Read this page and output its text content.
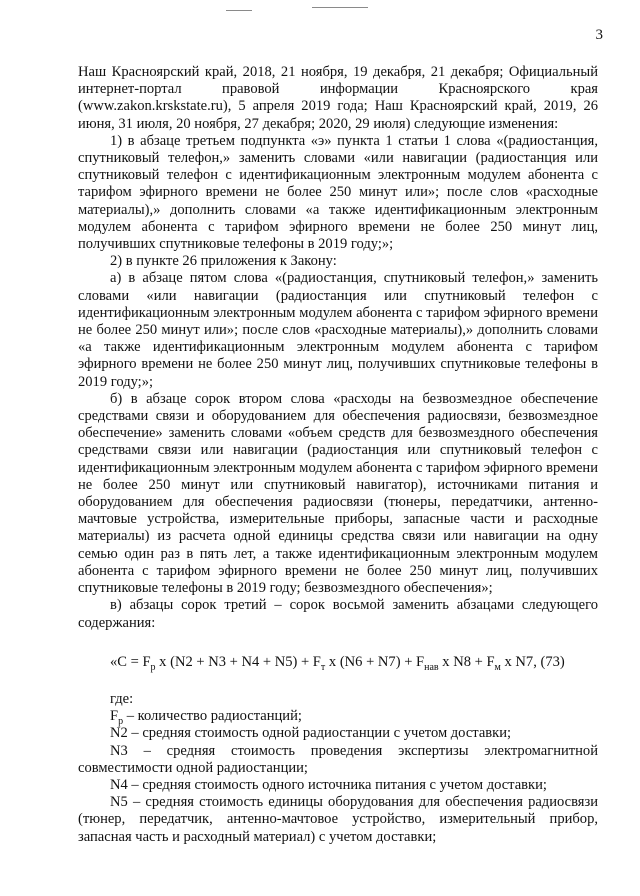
3

Наш Красноярский край, 2018, 21 ноября, 19 декабря, 21 декабря; Официальный интернет-портал правовой информации Красноярского края (www.zakon.krskstate.ru), 5 апреля 2019 года; Наш Красноярский край, 2019, 26 июня, 31 июля, 20 ноября, 27 декабря; 2020, 29 июля) следующие изменения:

1) в абзаце третьем подпункта «э» пункта 1 статьи 1 слова «(радиостанция, спутниковый телефон,» заменить словами «или навигации (радиостанция или спутниковый телефон с идентификационным электронным модулем абонента с тарифом эфирного времени не более 250 минут или»; после слов «расходные материалы),» дополнить словами «а также идентификационным электронным модулем абонента с тарифом эфирного времени не более 250 минут лиц, получивших спутниковые телефоны в 2019 году;»;

2) в пункте 26 приложения к Закону:

а) в абзаце пятом слова «(радиостанция, спутниковый телефон,» заменить словами «или навигации (радиостанция или спутниковый телефон с идентификационным электронным модулем абонента с тарифом эфирного времени не более 250 минут или»; после слов «расходные материалы),» дополнить словами «а также идентификационным электронным модулем абонента с тарифом эфирного времени не более 250 минут лиц, получивших спутниковые телефоны в 2019 году;»;

б) в абзаце сорок втором слова «расходы на безвозмездное обеспечение средствами связи и оборудованием для обеспечения радиосвязи, безвозмездное обеспечение» заменить словами «объем средств для безвозмездного обеспечения средствами связи или навигации (радиостанция или спутниковый телефон с идентификационным электронным модулем абонента с тарифом эфирного времени не более 250 минут или спутниковый навигатор), источниками питания и оборудованием для обеспечения радиосвязи (тюнеры, передатчики, антенно-мачтовые устройства, измерительные приборы, запасные части и расходные материалы) из расчета одной единицы средства связи или навигации на одну семью один раз в пять лет, а также идентификационным электронным модулем абонента с тарифом эфирного времени не более 250 минут лиц, получивших спутниковые телефоны в 2019 году; безвозмездного обеспечения»;

в) абзацы сорок третий – сорок восьмой заменить абзацами следующего содержания:

«$C = F_р$ x $(N2 + N3 + N4 + N5) + F_т$ x $(N6 + N7) + F_{нав}$ x $N8 + F_м$ x N7, (73)

где:

$F_р$ – количество радиостанций;

N2 – средняя стоимость одной радиостанции с учетом доставки;

N3 – средняя стоимость проведения экспертизы электромагнитной совместимости одной радиостанции;

N4 – средняя стоимость одного источника питания с учетом доставки;

N5 – средняя стоимость единицы оборудования для обеспечения радиосвязи (тюнер, передатчик, антенно-мачтовое устройство, измерительный прибор, запасная часть и расходный материал) с учетом доставки;
